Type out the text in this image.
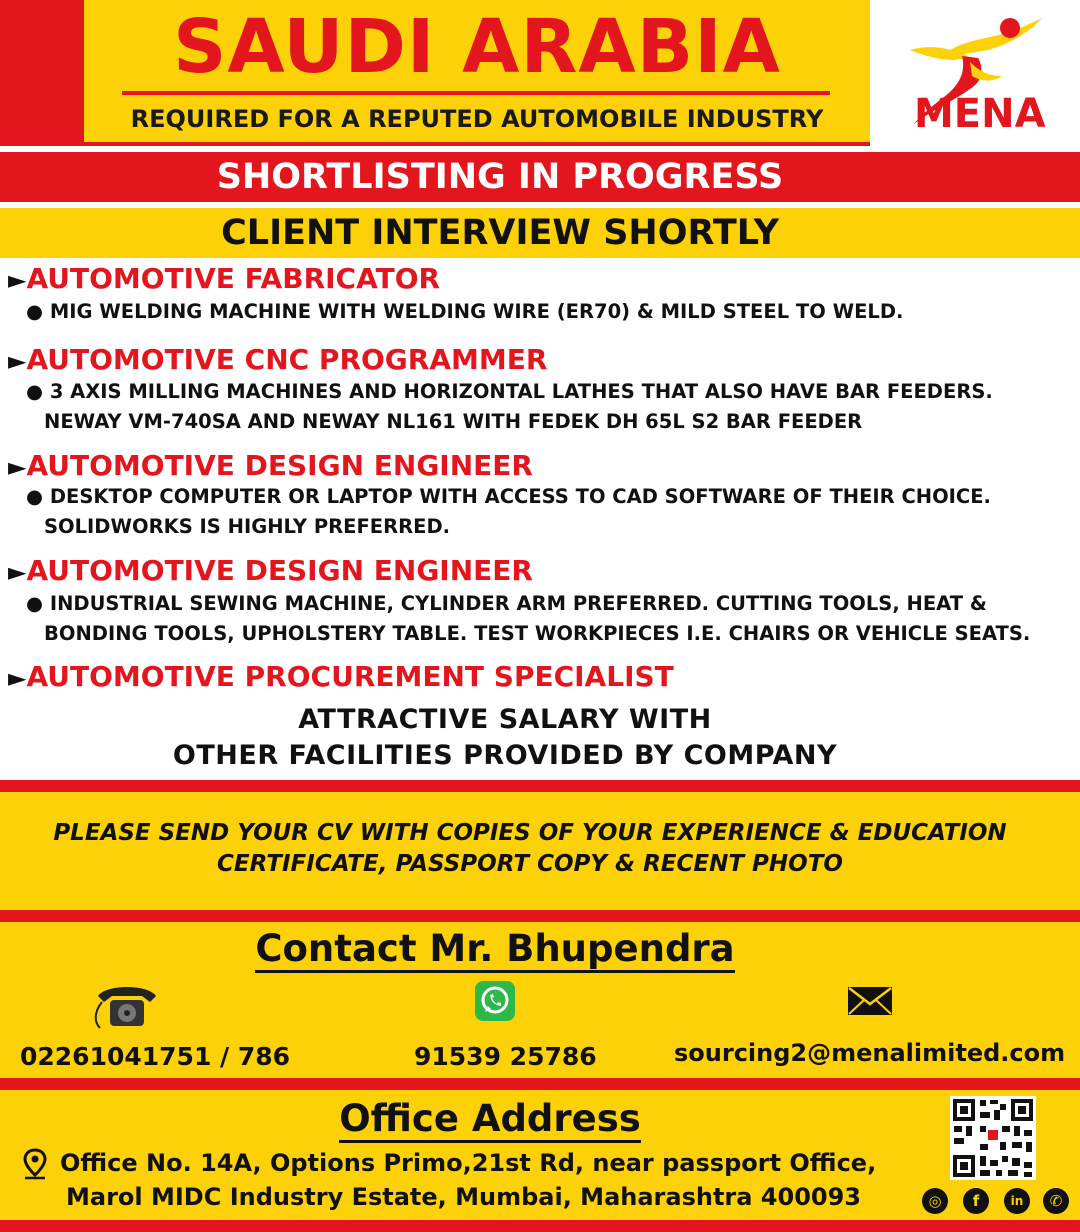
SAUDI ARABIA
REQUIRED FOR A REPUTED AUTOMOBILE INDUSTRY	MENA
SHORTLISTING IN PROGRESS
CLIENT INTERVIEW SHORTLY
►AUTOMOTIVE FABRICATOR
● MIG WELDING MACHINE WITH WELDING WIRE (ER70) & MILD STEEL TO WELD.
►AUTOMOTIVE CNC PROGRAMMER
● 3 AXIS MILLING MACHINES AND HORIZONTAL LATHES THAT ALSO HAVE BAR FEEDERS.
NEWAY VM-740SA AND NEWAY NL161 WITH FEDEK DH 65L S2 BAR FEEDER
►AUTOMOTIVE DESIGN ENGINEER
● DESKTOP COMPUTER OR LAPTOP WITH ACCESS TO CAD SOFTWARE OF THEIR CHOICE.
SOLIDWORKS IS HIGHLY PREFERRED.
►AUTOMOTIVE DESIGN ENGINEER
● INDUSTRIAL SEWING MACHINE, CYLINDER ARM PREFERRED. CUTTING TOOLS, HEAT &
BONDING TOOLS, UPHOLSTERY TABLE. TEST WORKPIECES I.E. CHAIRS OR VEHICLE SEATS.
►AUTOMOTIVE PROCUREMENT SPECIALIST
ATTRACTIVE SALARY WITH
OTHER FACILITIES PROVIDED BY COMPANY
PLEASE SEND YOUR CV WITH COPIES OF YOUR EXPERIENCE & EDUCATION
CERTIFICATE, PASSPORT COPY & RECENT PHOTO
Contact Mr. Bhupendra
02261041751 / 786	91539 25786	sourcing2@menalimited.com
Office Address
Office No. 14A, Options Primo,21st Rd, near passport Office,
Marol MIDC Industry Estate, Mumbai, Maharashtra 400093	◎	f	in	✆
